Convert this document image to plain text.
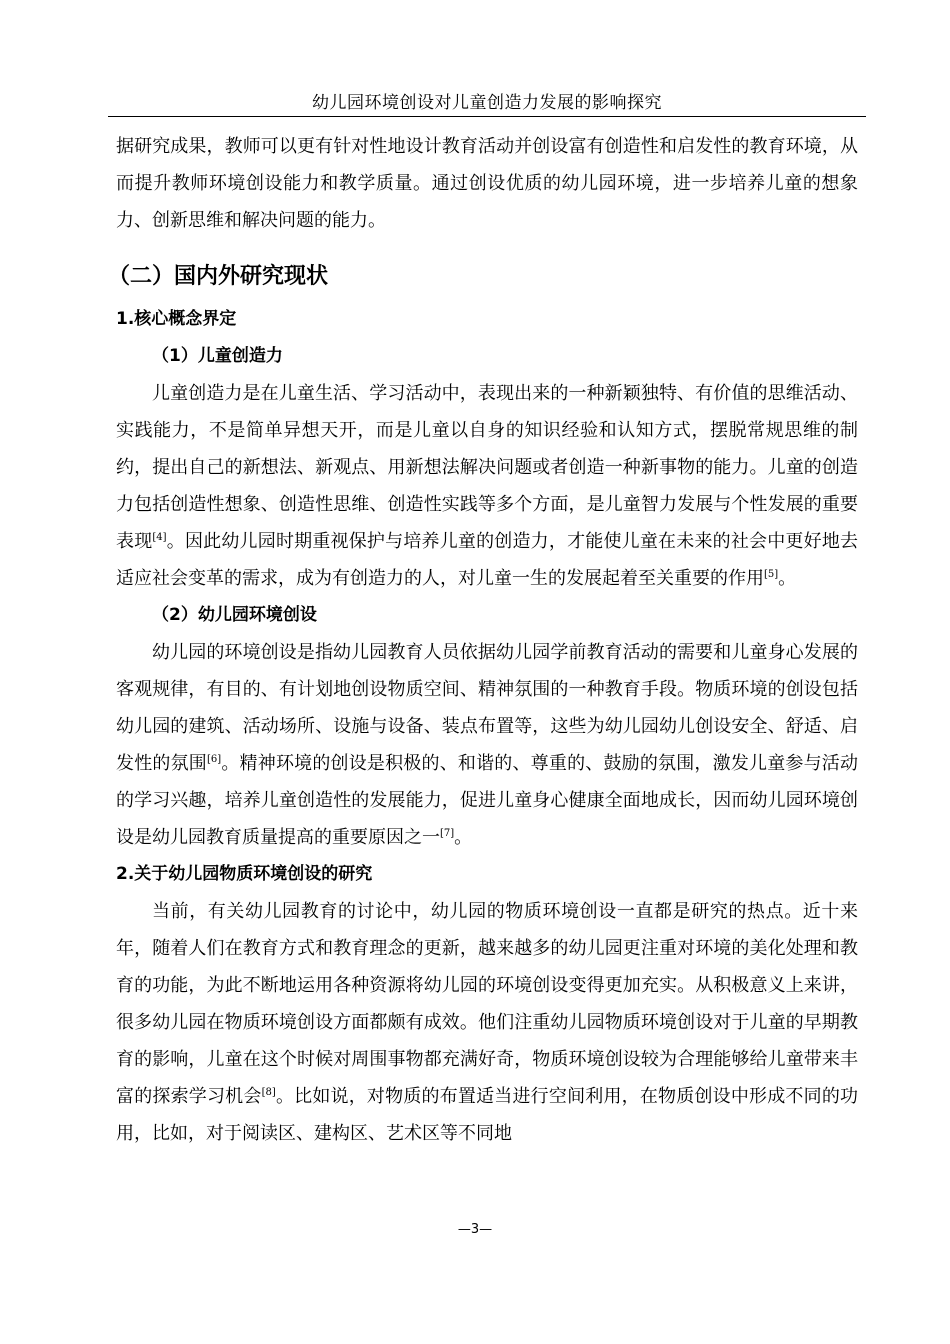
幼儿园环境创设对儿童创造力发展的影响探究

据研究成果，教师可以更有针对性地设计教育活动并创设富有创造性和启发性的教育环境，从而提升教师环境创设能力和教学质量。通过创设优质的幼儿园环境，进一步培养儿童的想象力、创新思维和解决问题的能力。

（二）国内外研究现状
1.核心概念界定
（1）儿童创造力

儿童创造力是在儿童生活、学习活动中，表现出来的一种新颖独特、有价值的思维活动、实践能力，不是简单异想天开，而是儿童以自身的知识经验和认知方式，摆脱常规思维的制约，提出自己的新想法、新观点、用新想法解决问题或者创造一种新事物的能力。儿童的创造力包括创造性想象、创造性思维、创造性实践等多个方面，是儿童智力发展与个性发展的重要表现[4]。因此幼儿园时期重视保护与培养儿童的创造力，才能使儿童在未来的社会中更好地去适应社会变革的需求，成为有创造力的人，对儿童一生的发展起着至关重要的作用[5]。

（2）幼儿园环境创设

幼儿园的环境创设是指幼儿园教育人员依据幼儿园学前教育活动的需要和儿童身心发展的客观规律，有目的、有计划地创设物质空间、精神氛围的一种教育手段。物质环境的创设包括幼儿园的建筑、活动场所、设施与设备、装点布置等，这些为幼儿园幼儿创设安全、舒适、启发性的氛围[6]。精神环境的创设是积极的、和谐的、尊重的、鼓励的氛围，激发儿童参与活动的学习兴趣，培养儿童创造性的发展能力，促进儿童身心健康全面地成长，因而幼儿园环境创设是幼儿园教育质量提高的重要原因之一[7]。

2.关于幼儿园物质环境创设的研究

当前，有关幼儿园教育的讨论中，幼儿园的物质环境创设一直都是研究的热点。近十来年，随着人们在教育方式和教育理念的更新，越来越多的幼儿园更注重对环境的美化处理和教育的功能，为此不断地运用各种资源将幼儿园的环境创设变得更加充实。从积极意义上来讲，很多幼儿园在物质环境创设方面都颇有成效。他们注重幼儿园物质环境创设对于儿童的早期教育的影响，儿童在这个时候对周围事物都充满好奇，物质环境创设较为合理能够给儿童带来丰富的探索学习机会[8]。比如说，对物质的布置适当进行空间利用，在物质创设中形成不同的功用，比如，对于阅读区、建构区、艺术区等不同地

—3—
